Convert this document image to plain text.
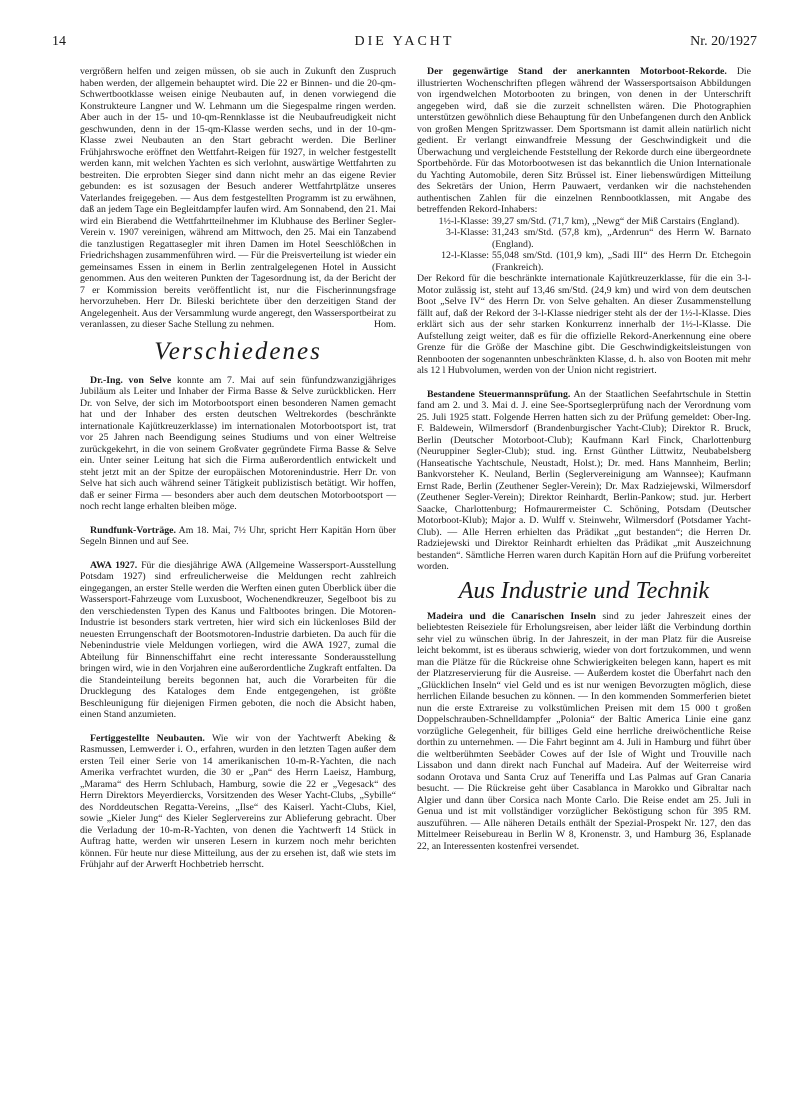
14	DIE YACHT	Nr. 20/1927

vergrößern helfen und zeigen müssen, ob sie auch in Zukunft den Zuspruch haben werden, der allgemein behauptet wird. Die 22 er Binnen- und die 20-qm-Schwertbootklasse weisen einige Neubauten auf, in denen vorwiegend die Konstrukteure Langner und W. Lehmann um die Siegespalme ringen werden. Aber auch in der 15- und 10-qm-Rennklasse ist die Neubaufreudigkeit nicht geschwunden, denn in der 15-qm-Klasse werden sechs, und in der 10-qm-Klasse zwei Neubauten an den Start gebracht werden. Die Berliner Frühjahrswoche eröffnet den Wettfahrt-Reigen für 1927, in welcher festgestellt werden kann, mit welchen Yachten es sich verlohnt, auswärtige Wettfahrten zu bestreiten. Die erprobten Sieger sind dann nicht mehr an das eigene Revier gebunden: es ist sozusagen der Besuch anderer Wettfahrtplätze unseres Vaterlandes freigegeben. — Aus dem festgestellten Programm ist zu erwähnen, daß an jedem Tage ein Begleitdampfer laufen wird. Am Sonnabend, den 21. Mai wird ein Bierabend die Wettfahrtteilnehmer im Klubhause des Berliner Segler-Verein v. 1907 vereinigen, während am Mittwoch, den 25. Mai ein Tanzabend die tanzlustigen Regattasegler mit ihren Damen im Hotel Seeschlößchen in Friedrichshagen zusammenführen wird. — Für die Preisverteilung ist wieder ein gemeinsames Essen in einem in Berlin zentralgelegenen Hotel in Aussicht genommen. Aus den weiteren Punkten der Tagesordnung ist, da der Bericht der 7 er Kommission bereits veröffentlicht ist, nur die Fischerinnungsfrage hervorzuheben. Herr Dr. Bileski berichtete über den derzeitigen Stand der Angelegenheit. Aus der Versammlung wurde angeregt, den Wassersportbeirat zu veranlassen, zu dieser Sache Stellung zu nehmen.	Hom.

Verschiedenes

Dr.-Ing. von Selve konnte am 7. Mai auf sein fünfundzwanzigjähriges Jubiläum als Leiter und Inhaber der Firma Basse & Selve zurückblicken. Herr Dr. von Selve, der sich im Motorbootsport einen besonderen Namen gemacht hat und der Inhaber des ersten deutschen Weltrekordes (beschränkte internationale Kajütkreuzerklasse) im internationalen Motorbootsport ist, trat vor 25 Jahren nach Beendigung seines Studiums und von einer Weltreise zurückgekehrt, in die von seinem Großvater gegründete Firma Basse & Selve ein. Unter seiner Leitung hat sich die Firma außerordentlich entwickelt und steht jetzt mit an der Spitze der europäischen Motorenindustrie. Herr Dr. von Selve hat sich auch während seiner Tätigkeit publizistisch betätigt. Wir hoffen, daß er seiner Firma — besonders aber auch dem deutschen Motorbootsport — noch recht lange erhalten bleiben möge.

Rundfunk-Vorträge. Am 18. Mai, 7½ Uhr, spricht Herr Kapitän Horn über Segeln Binnen und auf See.

AWA 1927. Für die diesjährige AWA (Allgemeine Wassersport-Ausstellung Potsdam 1927) sind erfreulicherweise die Meldungen recht zahlreich eingegangen, an erster Stelle werden die Werften einen guten Überblick über die Wassersport-Fahrzeuge vom Luxusboot, Wochenendkreuzer, Segelboot bis zu den verschiedensten Typen des Kanus und Faltbootes bringen. Die Motoren-Industrie ist besonders stark vertreten, hier wird sich ein lückenloses Bild der neuesten Errungenschaft der Bootsmotoren-Industrie darbieten. Da auch für die Nebenindustrie viele Meldungen vorliegen, wird die AWA 1927, zumal die Abteilung für Binnenschiffahrt eine recht interessante Sonderausstellung bringen wird, wie in den Vorjahren eine außerordentliche Zugkraft entfalten. Da die Standeinteilung bereits begonnen hat, auch die Vorarbeiten für die Drucklegung des Kataloges dem Ende entgegengehen, ist größte Beschleunigung für diejenigen Firmen geboten, die noch die Absicht haben, einen Stand anzumieten.

Fertiggestellte Neubauten. Wie wir von der Yachtwerft Abeking & Rasmussen, Lemwerder i. O., erfahren, wurden in den letzten Tagen außer dem ersten Teil einer Serie von 14 amerikanischen 10-m-R-Yachten, die nach Amerika verfrachtet wurden, die 30 er „Pan“ des Herrn Laeisz, Hamburg, „Marama“ des Herrn Schlubach, Hamburg, sowie die 22 er „Vegesack“ des Herrn Direktors Meyerdiercks, Vorsitzenden des Weser Yacht-Clubs, „Sybille“ des Norddeutschen Regatta-Vereins, „Ilse“ des Kaiserl. Yacht-Clubs, Kiel, sowie „Kieler Jung“ des Kieler Seglervereins zur Ablieferung gebracht. Über die Verladung der 10-m-R-Yachten, von denen die Yachtwerft 14 Stück in Auftrag hatte, werden wir unseren Lesern in kurzem noch mehr berichten können. Für heute nur diese Mitteilung, aus der zu ersehen ist, daß wie stets im Frühjahr auf der Arwerft Hochbetrieb herrscht.

Der gegenwärtige Stand der anerkannten Motorboot-Rekorde. Die illustrierten Wochenschriften pflegen während der Wassersportsaison Abbildungen von irgendwelchen Motorbooten zu bringen, von denen in der Unterschrift angegeben wird, daß sie die zurzeit schnellsten wären. Die Photographien unterstützen gewöhnlich diese Behauptung für den Unbefangenen durch den Anblick von großen Mengen Spritzwasser. Dem Sportsmann ist damit allein natürlich nicht gedient. Er verlangt einwandfreie Messung der Geschwindigkeit und die Überwachung und vergleichende Feststellung der Rekorde durch eine übergeordnete Sportbehörde. Für das Motorbootwesen ist das bekanntlich die Union Internationale du Yachting Automobile, deren Sitz Brüssel ist. Einer liebenswürdigen Mitteilung des Sekretärs der Union, Herrn Pauwaert, verdanken wir die nachstehenden authentischen Zahlen für die einzelnen Rennbootklassen, mit Angabe des betreffenden Rekord-Inhabers:

1½-l-Klasse: 39,27 sm/Std. (71,7 km), „Newg“ der Miß Carstairs (England).
3-l-Klasse: 31,243 sm/Std. (57,8 km), „Ardenrun“ des Herrn W. Barnato (England).
12-l-Klasse: 55,048 sm/Std. (101,9 km), „Sadi III“ des Herrn Dr. Etchegoin (Frankreich).

Der Rekord für die beschränkte internationale Kajütkreuzerklasse, für die ein 3-l-Motor zulässig ist, steht auf 13,46 sm/Std. (24,9 km) und wird von dem deutschen Boot „Selve IV“ des Herrn Dr. von Selve gehalten. An dieser Zusammenstellung fällt auf, daß der Rekord der 3-l-Klasse niedriger steht als der der 1½-l-Klasse. Dies erklärt sich aus der sehr starken Konkurrenz innerhalb der 1½-l-Klasse. Die Aufstellung zeigt weiter, daß es für die offizielle Rekord-Anerkennung eine obere Grenze für die Größe der Maschine gibt. Die Geschwindigkeitsleistungen von Rennbooten der sogenannten unbeschränkten Klasse, d. h. also von Booten mit mehr als 12 l Hubvolumen, werden von der Union nicht registriert.

Bestandene Steuermannsprüfung. An der Staatlichen Seefahrtschule in Stettin fand am 2. und 3. Mai d. J. eine See-Sportseglerprüfung nach der Verordnung vom 25. Juli 1925 statt. Folgende Herren hatten sich zu der Prüfung gemeldet: Ober-Ing. F. Baldewein, Wilmersdorf (Brandenburgischer Yacht-Club); Direktor R. Bruck, Berlin (Deutscher Motorboot-Club); Kaufmann Karl Finck, Charlottenburg (Neuruppiner Segler-Club); stud. ing. Ernst Günther Lüttwitz, Neubabelsberg (Hanseatische Yachtschule, Neustadt, Holst.); Dr. med. Hans Mannheim, Berlin; Bankvorsteher K. Neuland, Berlin (Seglervereinigung am Wannsee); Kaufmann Ernst Rade, Berlin (Zeuthener Segler-Verein); Dr. Max Radziejewski, Wilmersdorf (Zeuthener Segler-Verein); Direktor Reinhardt, Berlin-Pankow; stud. jur. Herbert Saacke, Charlottenburg; Hofmaurermeister C. Schöning, Potsdam (Deutscher Motorboot-Klub); Major a. D. Wulff v. Steinwehr, Wilmersdorf (Potsdamer Yacht-Club). — Alle Herren erhielten das Prädikat „gut bestanden“; die Herren Dr. Radziejewski und Direktor Reinhardt erhielten das Prädikat „mit Auszeichnung bestanden“. Sämtliche Herren waren durch Kapitän Horn auf die Prüfung vorbereitet worden.

Aus Industrie und Technik

Madeira und die Canarischen Inseln sind zu jeder Jahreszeit eines der beliebtesten Reiseziele für Erholungsreisen, aber leider läßt die Verbindung dorthin sehr viel zu wünschen übrig. In der Jahreszeit, in der man Platz für die Ausreise leicht bekommt, ist es überaus schwierig, wieder von dort fortzukommen, und wenn man die Plätze für die Rückreise ohne Schwierigkeiten belegen kann, hapert es mit der Platzreservierung für die Ausreise. — Außerdem kostet die Überfahrt nach den „Glücklichen Inseln“ viel Geld und es ist nur wenigen Bevorzugten möglich, diese herrlichen Eilande besuchen zu können. — In den kommenden Sommerferien bietet nun die erste Extrareise zu volkstümlichen Preisen mit dem 15 000 t großen Doppelschrauben-Schnelldampfer „Polonia“ der Baltic America Linie eine ganz vorzügliche Gelegenheit, für billiges Geld eine herrliche dreiwöchentliche Reise dorthin zu unternehmen. — Die Fahrt beginnt am 4. Juli in Hamburg und führt über die weltberühmten Seebäder Cowes auf der Isle of Wight und Trouville nach Lissabon und dann direkt nach Funchal auf Madeira. Auf der Weiterreise wird sodann Orotava und Santa Cruz auf Teneriffa und Las Palmas auf Gran Canaria besucht. — Die Rückreise geht über Casablanca in Marokko und Gibraltar nach Algier und dann über Corsica nach Monte Carlo. Die Reise endet am 25. Juli in Genua und ist mit vollständiger vorzüglicher Beköstigung schon für 395 RM. auszuführen. — Alle näheren Details enthält der Spezial-Prospekt Nr. 127, den das Mittelmeer Reisebureau in Berlin W 8, Kronenstr. 3, und Hamburg 36, Esplanade 22, an Interessenten kostenfrei versendet.
